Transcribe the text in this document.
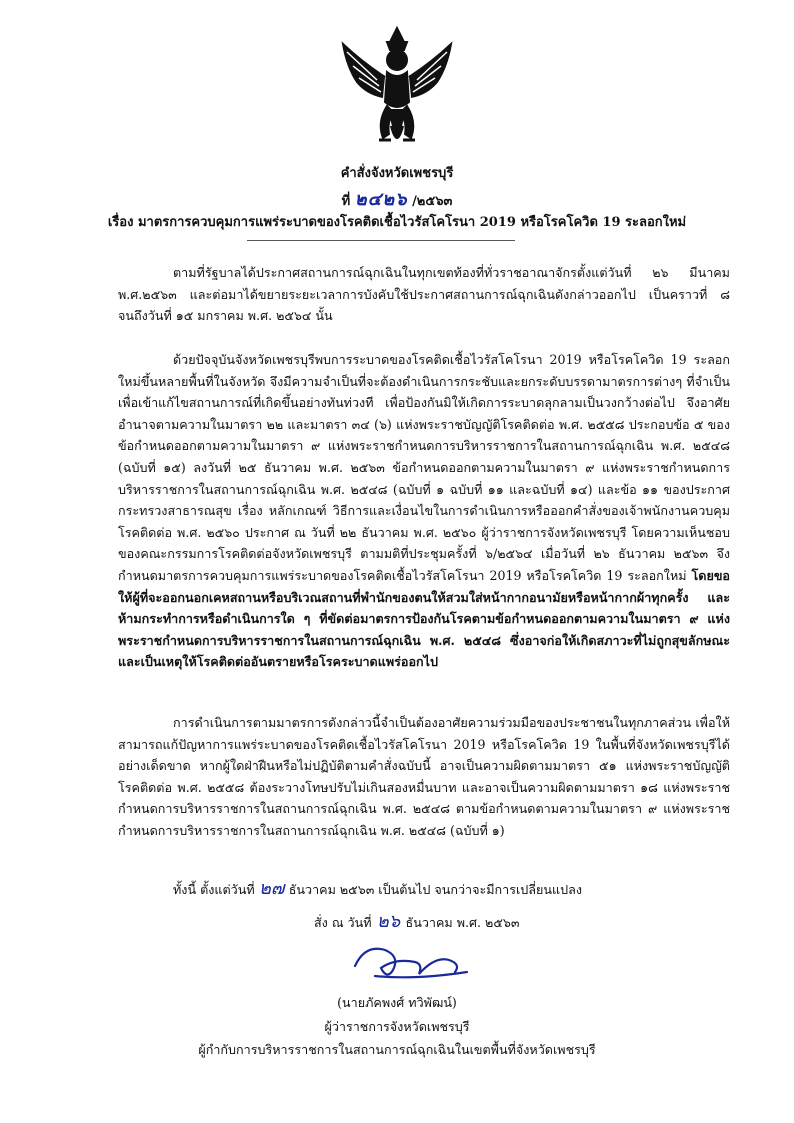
คำสั่งจังหวัดเพชรบุรี
ที่ ๒๔๒๖ /๒๕๖๓
เรื่อง มาตรการควบคุมการแพร่ระบาดของโรคติดเชื้อไวรัสโคโรนา 2019 หรือโรคโควิด 19 ระลอกใหม่
ตามที่รัฐบาลได้ประกาศสถานการณ์ฉุกเฉินในทุกเขตท้องที่ทั่วราชอาณาจักรตั้งแต่วันที่ ๒๖ มีนาคม พ.ศ.๒๕๖๓ และต่อมาได้ขยายระยะเวลาการบังคับใช้ประกาศสถานการณ์ฉุกเฉินดังกล่าวออกไป เป็นคราวที่ ๘ จนถึงวันที่ ๑๕ มกราคม พ.ศ. ๒๕๖๔ นั้น
ด้วยปัจจุบันจังหวัดเพชรบุรีพบการระบาดของโรคติดเชื้อไวรัสโคโรนา 2019 หรือโรคโควิด 19 ระลอกใหม่ขึ้นหลายพื้นที่ในจังหวัด จึงมีความจำเป็นที่จะต้องดำเนินการกระชับและยกระดับบรรดามาตรการต่างๆ ที่จำเป็นเพื่อเข้าแก้ไขสถานการณ์ที่เกิดขึ้นอย่างทันท่วงที เพื่อป้องกันมิให้เกิดการระบาดลุกลามเป็นวงกว้างต่อไป จึงอาศัยอำนาจตามความในมาตรา ๒๒ และมาตรา ๓๔ (๖) แห่งพระราชบัญญัติโรคติดต่อ พ.ศ. ๒๕๕๘ ประกอบข้อ ๕ ของข้อกำหนดออกตามความในมาตรา ๙ แห่งพระราชกำหนดการบริหารราชการในสถานการณ์ฉุกเฉิน พ.ศ. ๒๕๔๘ (ฉบับที่ ๑๕) ลงวันที่ ๒๕ ธันวาคม พ.ศ. ๒๕๖๓ ข้อกำหนดออกตามความในมาตรา ๙ แห่งพระราชกำหนดการบริหารราชการในสถานการณ์ฉุกเฉิน พ.ศ. ๒๕๔๘ (ฉบับที่ ๑ ฉบับที่ ๑๑ และฉบับที่ ๑๔) และข้อ ๑๑ ของประกาศกระทรวงสาธารณสุข เรื่อง หลักเกณฑ์ วิธีการและเงื่อนไขในการดำเนินการหรือออกคำสั่งของเจ้าพนักงานควบคุมโรคติดต่อ พ.ศ. ๒๕๖๐ ประกาศ ณ วันที่ ๒๒ ธันวาคม พ.ศ. ๒๕๖๐ ผู้ว่าราชการจังหวัดเพชรบุรี โดยความเห็นชอบของคณะกรรมการโรคติดต่อจังหวัดเพชรบุรี ตามมติที่ประชุมครั้งที่ ๖/๒๕๖๔ เมื่อวันที่ ๒๖ ธันวาคม ๒๕๖๓ จึงกำหนดมาตรการควบคุมการแพร่ระบาดของโรคติดเชื้อไวรัสโคโรนา 2019 หรือโรคโควิด 19 ระลอกใหม่ โดยขอให้ผู้ที่จะออกนอกเคหสถานหรือบริเวณสถานที่พำนักของตนให้สวมใส่หน้ากากอนามัยหรือหน้ากากผ้าทุกครั้ง และห้ามกระทำการหรือดำเนินการใด ๆ ที่ขัดต่อมาตรการป้องกันโรคตามข้อกำหนดออกตามความในมาตรา ๙ แห่งพระราชกำหนดการบริหารราชการในสถานการณ์ฉุกเฉิน พ.ศ. ๒๕๔๘ ซึ่งอาจก่อให้เกิดสภาวะที่ไม่ถูกสุขลักษณะและเป็นเหตุให้โรคติดต่ออันตรายหรือโรคระบาดแพร่ออกไป
การดำเนินการตามมาตรการดังกล่าวนี้จำเป็นต้องอาศัยความร่วมมือของประชาชนในทุกภาคส่วน เพื่อให้สามารถแก้ปัญหาการแพร่ระบาดของโรคติดเชื้อไวรัสโคโรนา 2019 หรือโรคโควิด 19 ในพื้นที่จังหวัดเพชรบุรีได้อย่างเด็ดขาด หากผู้ใดฝ่าฝืนหรือไม่ปฏิบัติตามคำสั่งฉบับนี้ อาจเป็นความผิดตามมาตรา ๕๑ แห่งพระราชบัญญัติโรคติดต่อ พ.ศ. ๒๕๕๘ ต้องระวางโทษปรับไม่เกินสองหมื่นบาท และอาจเป็นความผิดตามมาตรา ๑๘ แห่งพระราชกำหนดการบริหารราชการในสถานการณ์ฉุกเฉิน พ.ศ. ๒๕๔๘ ตามข้อกำหนดตามความในมาตรา ๙ แห่งพระราชกำหนดการบริหารราชการในสถานการณ์ฉุกเฉิน พ.ศ. ๒๕๔๘ (ฉบับที่ ๑)
ทั้งนี้ ตั้งแต่วันที่ ๒๗ ธันวาคม ๒๕๖๓ เป็นต้นไป จนกว่าจะมีการเปลี่ยนแปลง
สั่ง ณ วันที่ ๒๖ ธันวาคม พ.ศ. ๒๕๖๓
(นายภัคพงศ์ ทวิพัฒน์)
ผู้ว่าราชการจังหวัดเพชรบุรี
ผู้กำกับการบริหารราชการในสถานการณ์ฉุกเฉินในเขตพื้นที่จังหวัดเพชรบุรี
